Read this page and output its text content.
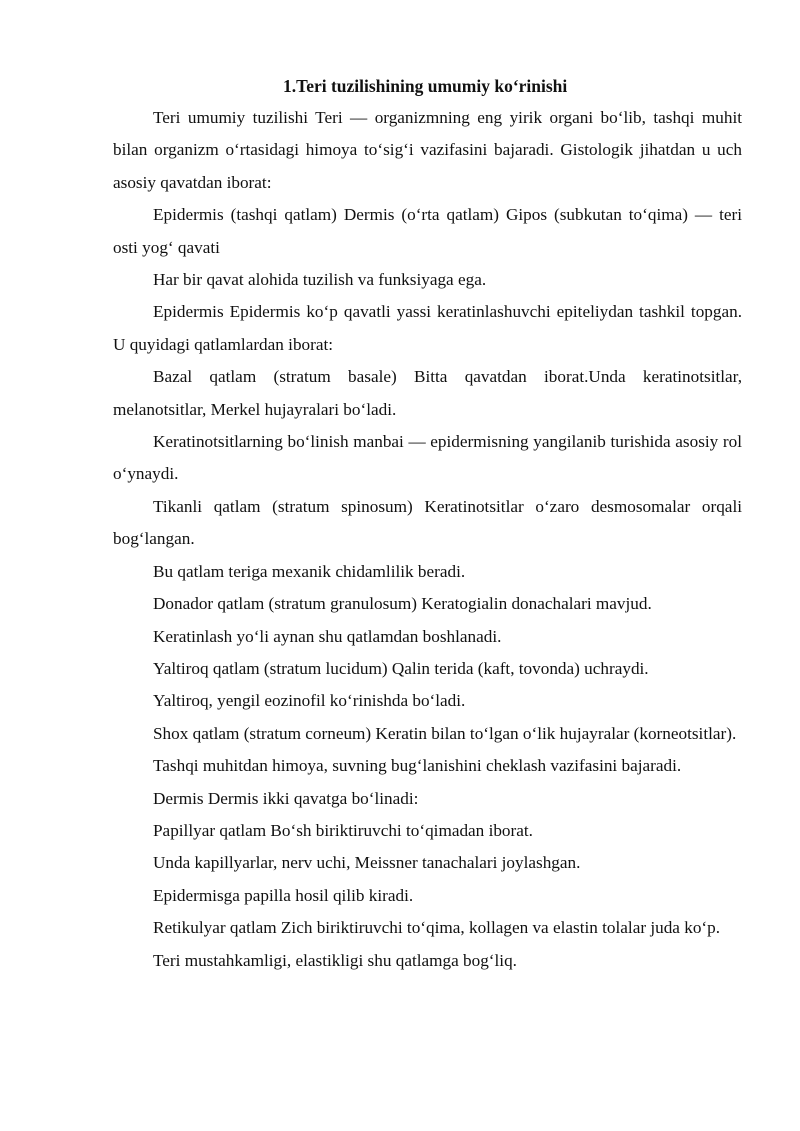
1.Teri tuzilishining umumiy ko‘rinishi

Teri umumiy tuzilishi Teri — organizmning eng yirik organi bo‘lib, tashqi muhit bilan organizm o‘rtasidagi himoya to‘sig‘i vazifasini bajaradi. Gistologik jihatdan u uch asosiy qavatdan iborat:

Epidermis (tashqi qatlam) Dermis (o‘rta qatlam) Gipos (subkutan to‘qima) — teri osti yog‘ qavati

Har bir qavat alohida tuzilish va funksiyaga ega.

Epidermis Epidermis ko‘p qavatli yassi keratinlashuvchi epiteliydan tashkil topgan. U quyidagi qatlamlardan iborat:

Bazal qatlam (stratum basale) Bitta qavatdan iborat.Unda keratinotsitlar, melanotsitlar, Merkel hujayralari bo‘ladi.

Keratinotsitlarning bo‘linish manbai — epidermisning yangilanib turishida asosiy rol o‘ynaydi.

Tikanli qatlam (stratum spinosum) Keratinotsitlar o‘zaro desmosomalar orqali bog‘langan.

Bu qatlam teriga mexanik chidamlilik beradi.

Donador qatlam (stratum granulosum) Keratogialin donachalari mavjud.

Keratinlash yo‘li aynan shu qatlamdan boshlanadi.

Yaltiroq qatlam (stratum lucidum) Qalin terida (kaft, tovonda) uchraydi.

Yaltiroq, yengil eozinofil ko‘rinishda bo‘ladi.

Shox qatlam (stratum corneum) Keratin bilan to‘lgan o‘lik hujayralar (korneotsitlar).

Tashqi muhitdan himoya, suvning bug‘lanishini cheklash vazifasini bajaradi.

Dermis Dermis ikki qavatga bo‘linadi:

Papillyar qatlam Bo‘sh biriktiruvchi to‘qimadan iborat.

Unda kapillyarlar, nerv uchi, Meissner tanachalari joylashgan.

Epidermisga papilla hosil qilib kiradi.

Retikulyar qatlam Zich biriktiruvchi to‘qima, kollagen va elastin tolalar juda ko‘p.

Teri mustahkamligi, elastikligi shu qatlamga bog‘liq.
